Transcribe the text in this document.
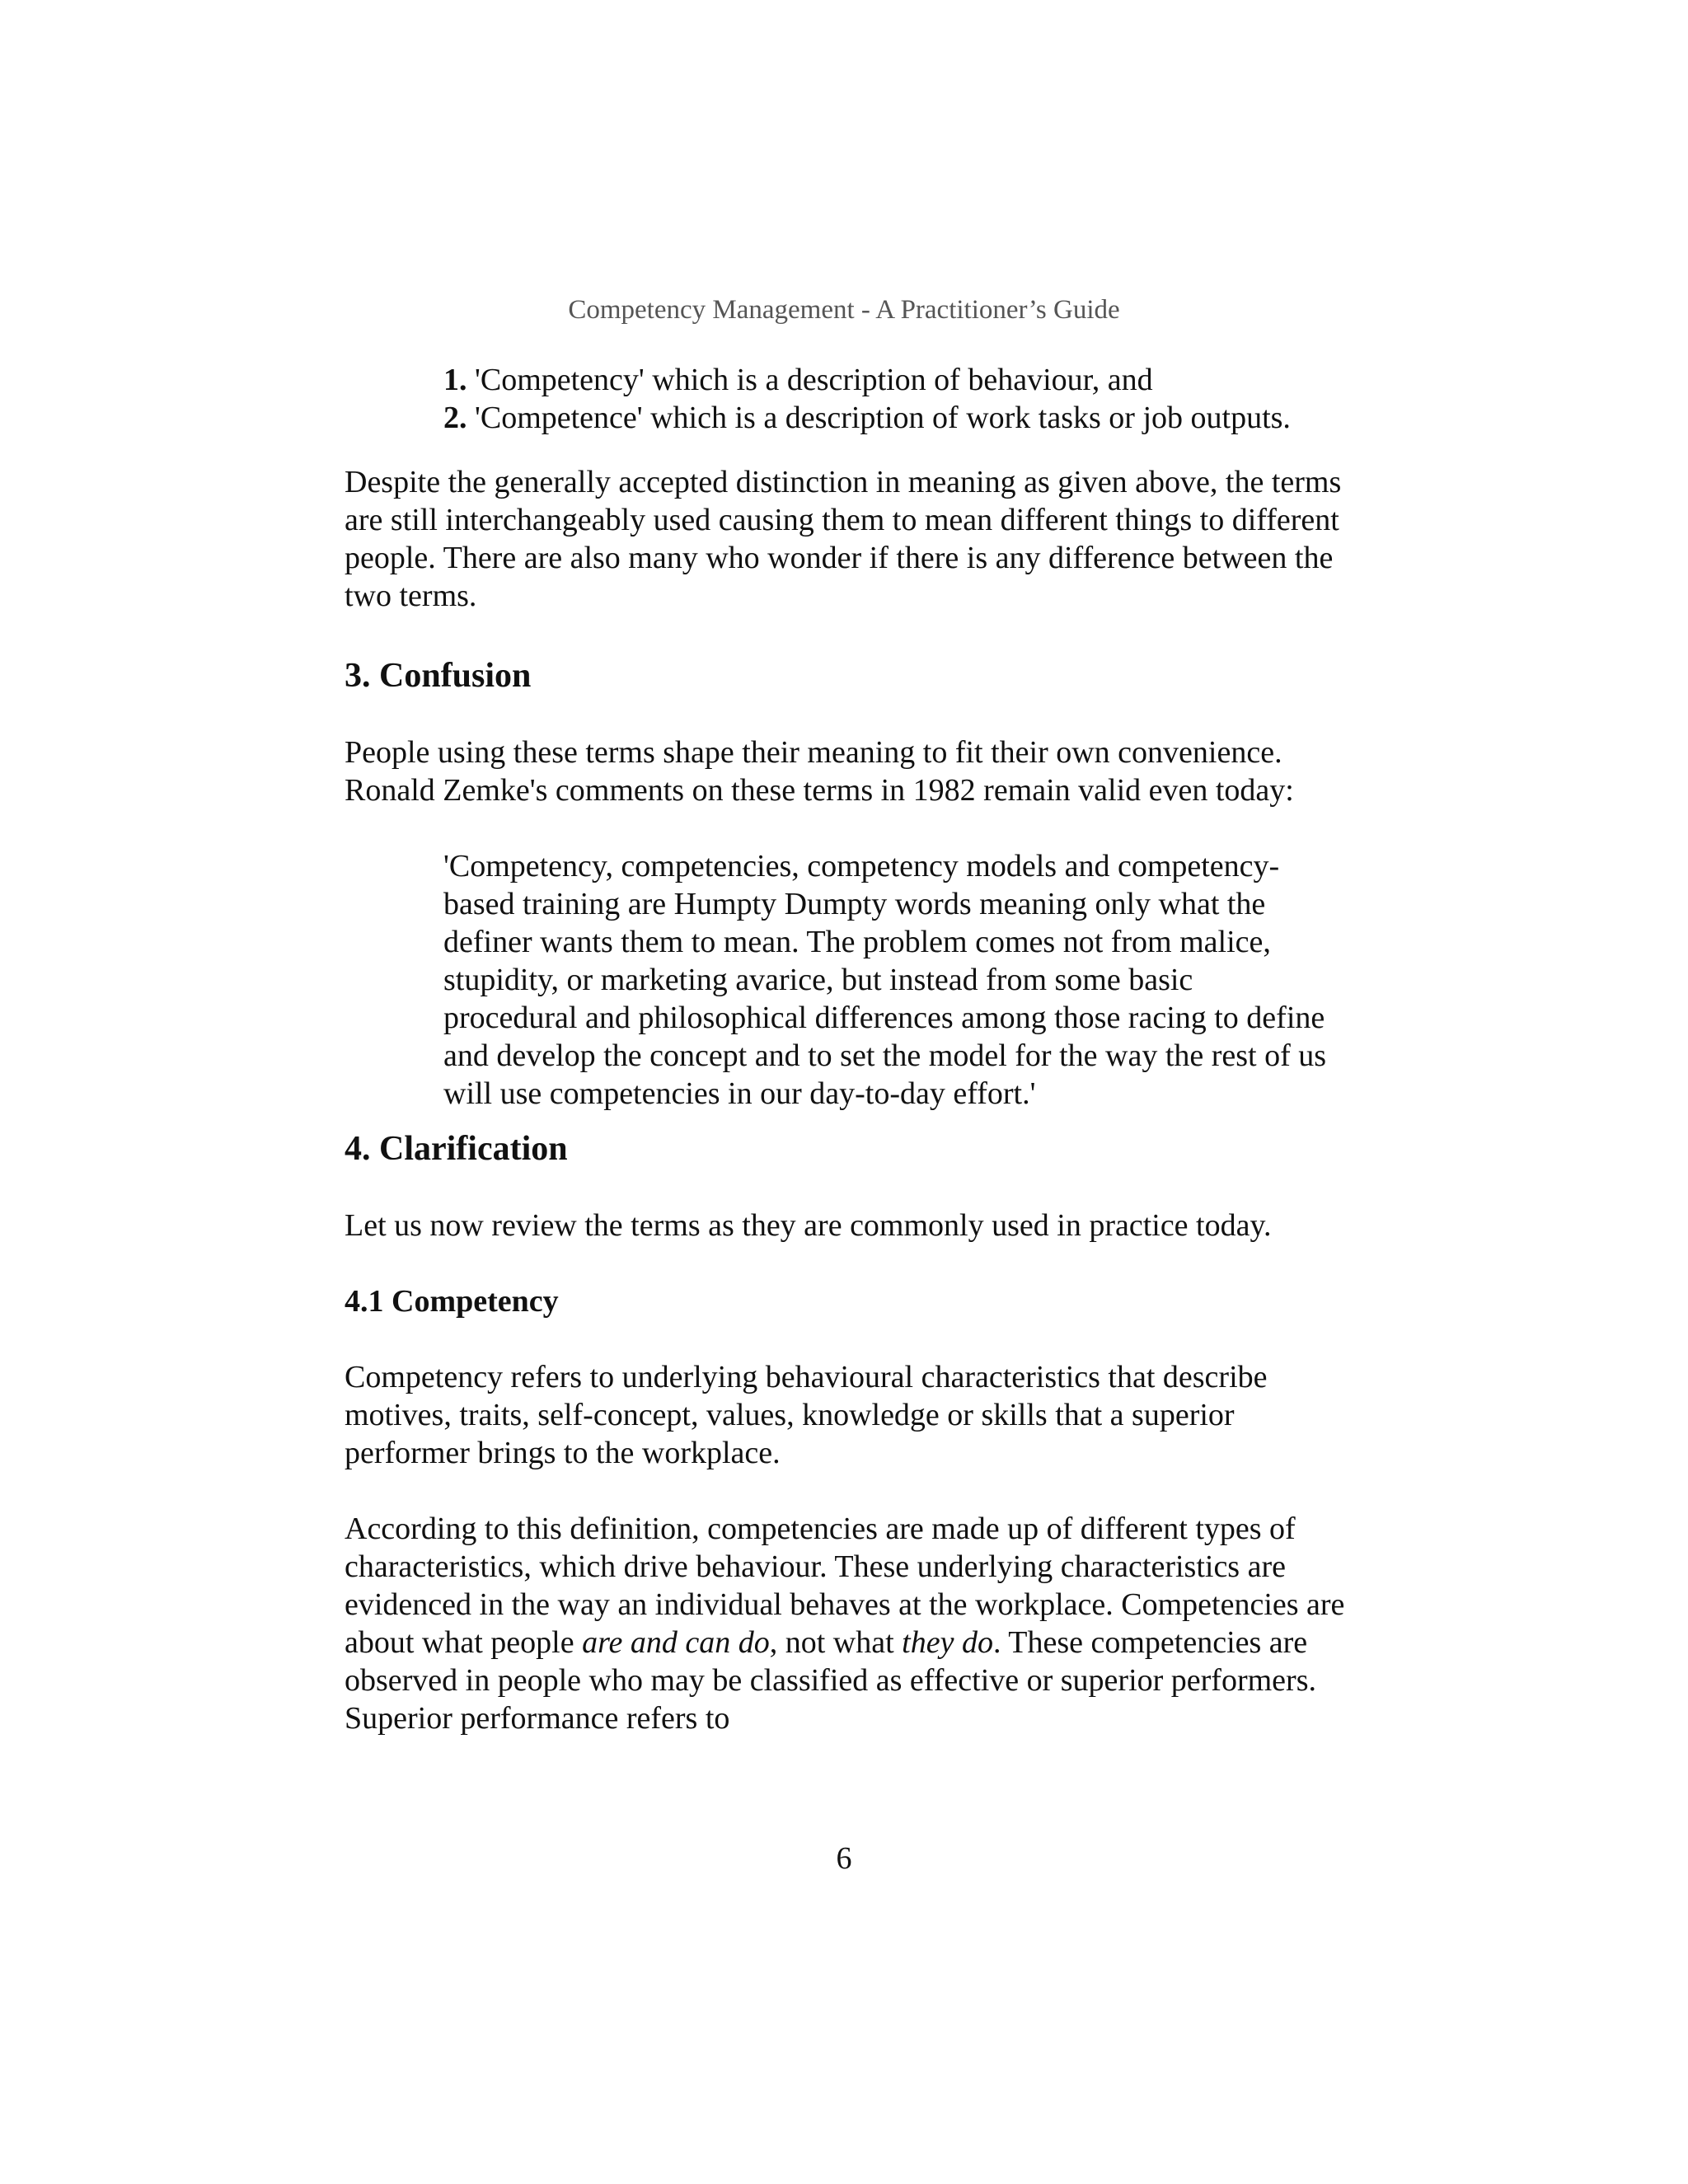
Competency Management - A Practitioner’s Guide
1. 'Competency' which is a description of behaviour, and
2. 'Competence' which is a description of work tasks or job outputs.

Despite the generally accepted distinction in meaning as given above, the terms are still interchangeably used causing them to mean different things to different people. There are also many who wonder if there is any difference between the two terms.

3. Confusion

People using these terms shape their meaning to fit their own convenience. Ronald Zemke's comments on these terms in 1982 remain valid even today:

'Competency, competencies, competency models and competency-based training are Humpty Dumpty words meaning only what the definer wants them to mean. The problem comes not from malice, stupidity, or marketing avarice, but instead from some basic procedural and philosophical differences among those racing to define and develop the concept and to set the model for the way the rest of us will use competencies in our day-to-day effort.'

4. Clarification

Let us now review the terms as they are commonly used in practice today.

4.1 Competency

Competency refers to underlying behavioural characteristics that describe motives, traits, self-concept, values, knowledge or skills that a superior performer brings to the workplace.

According to this definition, competencies are made up of different types of characteristics, which drive behaviour. These underlying characteristics are evidenced in the way an individual behaves at the workplace. Competencies are about what people are and can do, not what they do. These competencies are observed in people who may be classified as effective or superior performers. Superior performance refers to

6
